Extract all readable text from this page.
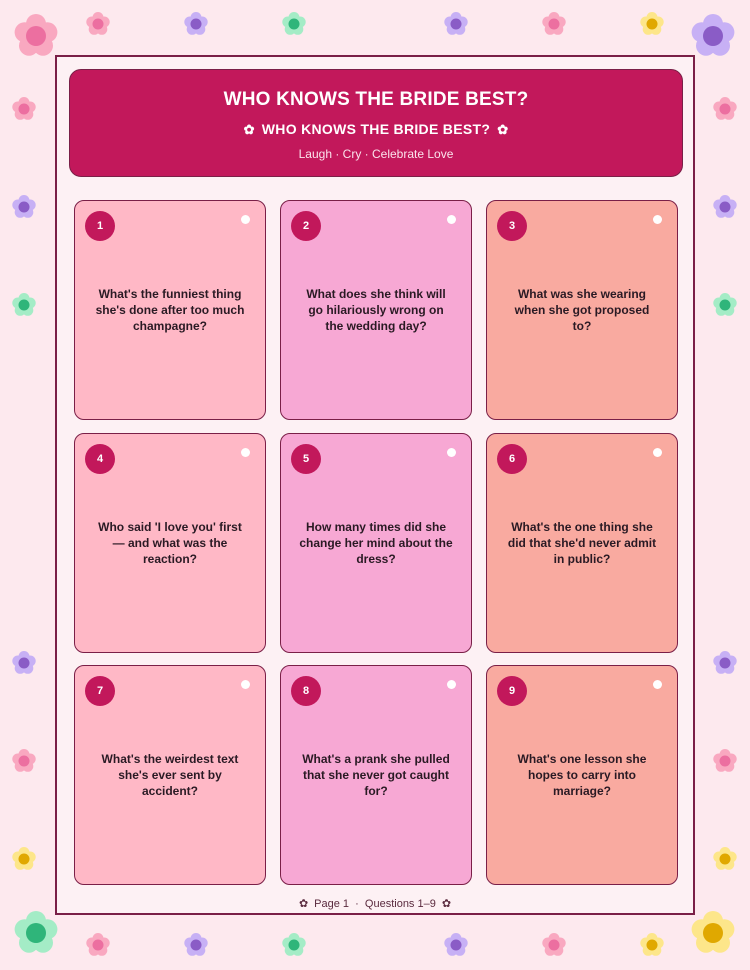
WHO KNOWS THE BRIDE BEST?
✿ WHO KNOWS THE BRIDE BEST? ✿
Laugh · Cry · Celebrate Love
1
What's the funniest thing she's done after too much champagne?
2
What does she think will go hilariously wrong on the wedding day?
3
What was she wearing when she got proposed to?
4
Who said 'I love you' first — and what was the reaction?
5
How many times did she change her mind about the dress?
6
What's the one thing she did that she'd never admit in public?
7
What's the weirdest text she's ever sent by accident?
8
What's a prank she pulled that she never got caught for?
9
What's one lesson she hopes to carry into marriage?
✿ Page 1  ·  Questions 1–9 ✿
